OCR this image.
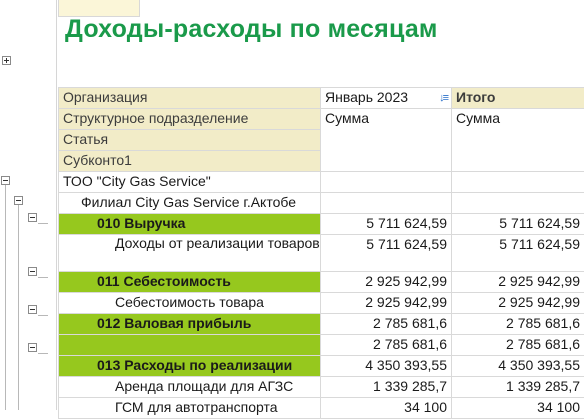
Доходы-расходы по месяцам
Организация	Январь 2023 ↓≡	Итого
Структурное подразделение	Сумма	Сумма
Статья		
Субконто1		
ТОО "City Gas Service"		
Филиал City Gas Service г.Актобе		
010 Выручка	5 711 624,59	5 711 624,59
Доходы от реализации товаров	5 711 624,59	5 711 624,59
011 Себестоимость	2 925 942,99	2 925 942,99
Себестоимость товара	2 925 942,99	2 925 942,99
012 Валовая прибыль	2 785 681,6	2 785 681,6
	2 785 681,6	2 785 681,6
013 Расходы по реализации	4 350 393,55	4 350 393,55
Аренда площади для АГЗС	1 339 285,7	1 339 285,7
ГСМ для автотранспорта	34 100	34 100
